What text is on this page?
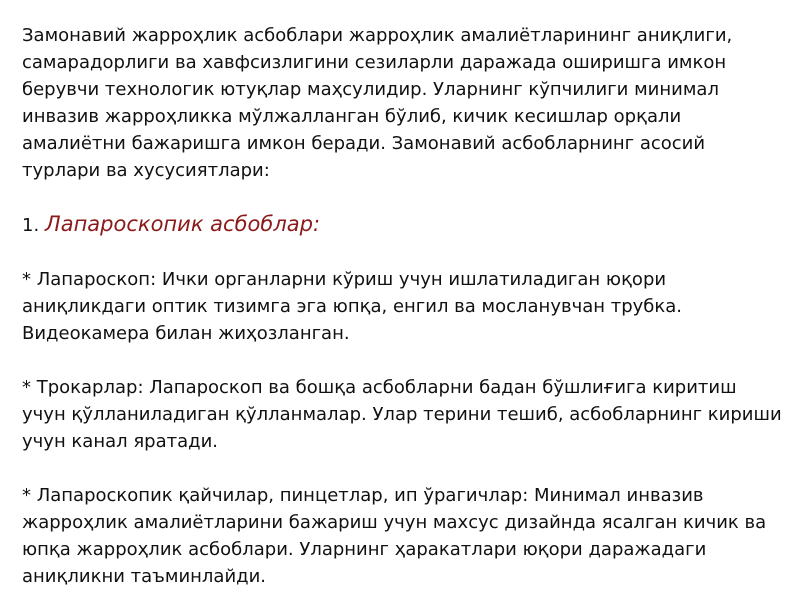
Замонавий жарроҳлик асбоблари жарроҳлик амалиётларининг аниқлиги, самарадорлиги ва хавфсизлигини сезиларли даражада оширишга имкон берувчи технологик ютуқлар маҳсулидир. Уларнинг кўпчилиги минимал инвазив жарроҳликка мўлжалланган бўлиб, кичик кесишлар орқали амалиётни бажаришга имкон беради. Замонавий асбобларнинг асосий турлари ва хусусиятлари:

1. Лапароскопик асбоблар:

* Лапароскоп: Ички органларни кўриш учун ишлатиладиган юқори аниқликдаги оптик тизимга эга юпқа, енгил ва мосланувчан трубка. Видеокамера билан жиҳозланган.

* Трокарлар: Лапароскоп ва бошқа асбобларни бадан бўшлиғига киритиш учун қўлланиладиган қўлланмалар. Улар терини тешиб, асбобларнинг кириши учун канал яратади.

* Лапароскопик қайчилар, пинцетлар, ип ўрагичлар: Минимал инвазив жарроҳлик амалиётларини бажариш учун махсус дизайнда ясалган кичик ва юпқа жарроҳлик асбоблари. Уларнинг ҳаракатлари юқори даражадаги аниқликни таъминлайди.
